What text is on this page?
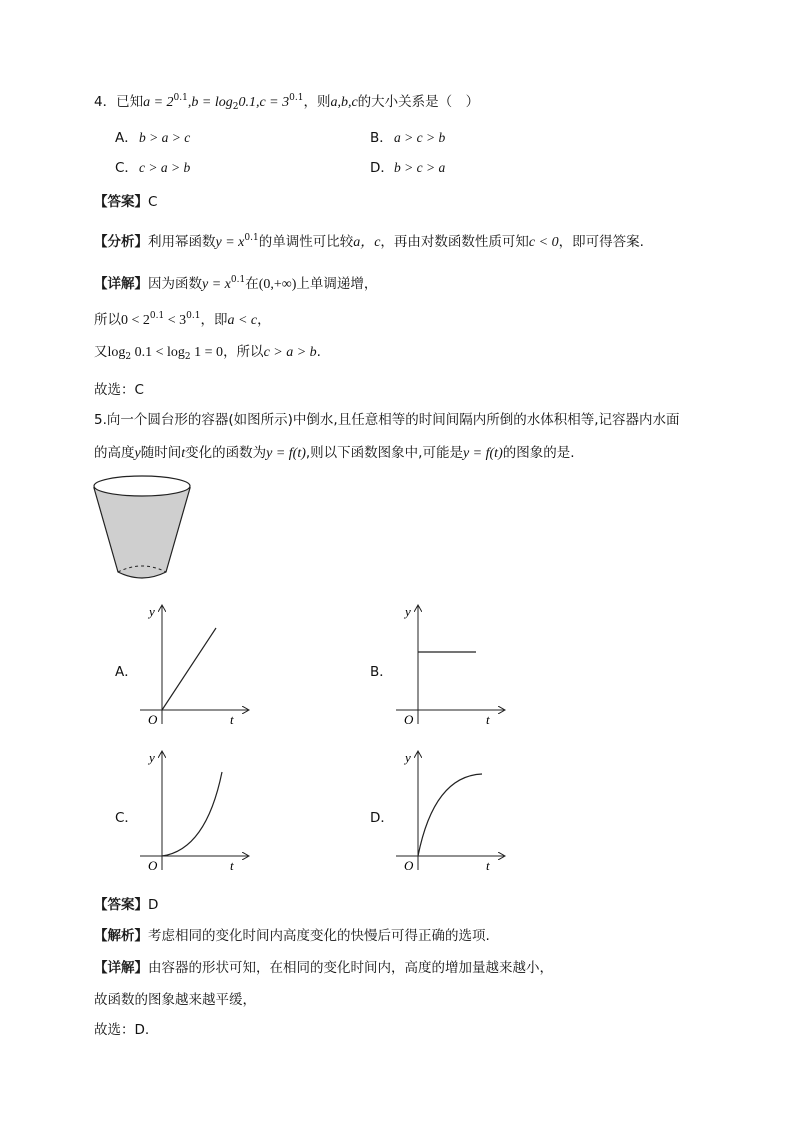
4．已知$a = 2^{0.1},b = \log_20.1,c = 3^{0.1}$，则a,b,c的大小关系是（　）
A．b > a > c	B．a > c > b
C．c > a > b	D．b > c > a
【答案】C
【分析】利用幂函数$y = x^{0.1}$的单调性可比较a，c，再由对数函数性质可知c < 0，即可得答案.
【详解】因为函数$y = x^{0.1}$在(0,+∞)上单调递增，
所以$0 < 2^{0.1} < 3^{0.1}$，即a < c，
又$\log_2 0.1 < \log_2 1 = 0$，所以c > a > b.
故选：C
5.向一个圆台形的容器(如图所示)中倒水,且任意相等的时间间隔内所倒的水体积相等,记容器内水面
的高度y随时间t变化的函数为y = f(t),则以下函数图象中,可能是y = f(t)的图象的是.
A．	B．
C．	D．
y
t
O
y
t
O
y
t
O
y
t
O
【答案】D
【解析】考虑相同的变化时间内高度变化的快慢后可得正确的选项.
【详解】由容器的形状可知，在相同的变化时间内，高度的增加量越来越小，
故函数的图象越来越平缓，
故选：D.
